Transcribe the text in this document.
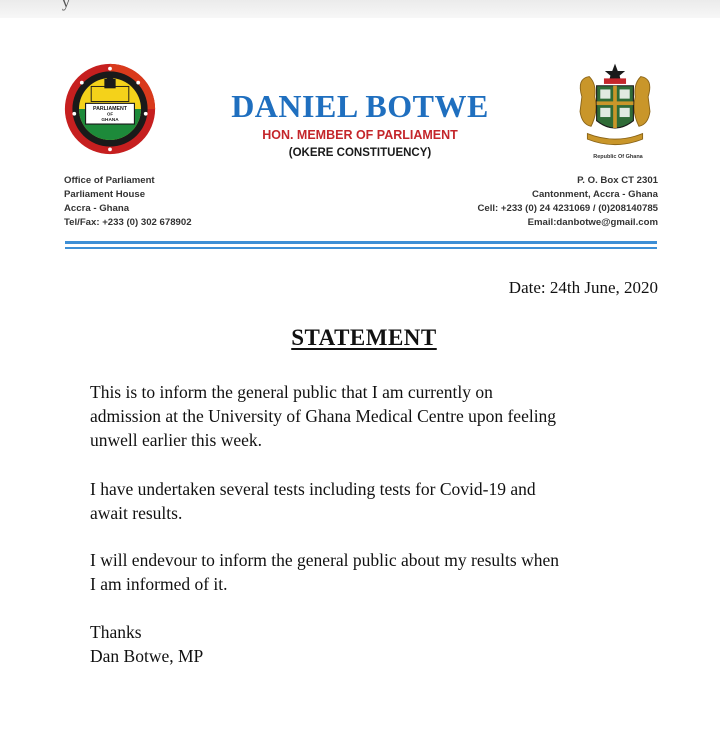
y
PARLIAMENT
OF
GHANA
Republic Of Ghana
DANIEL BOTWE
HON. MEMBER OF PARLIAMENT
(OKERE CONSTITUENCY)
Office of Parliament
Parliament House
Accra - Ghana
Tel/Fax: +233 (0) 302 678902
P. O. Box CT 2301
Cantonment, Accra - Ghana
Cell: +233 (0) 24 4231069 / (0)208140785
Email:danbotwe@gmail.com
Date: 24th June, 2020
STATEMENT
This is to inform the general public that I am currently on
admission at the University of Ghana Medical Centre upon feeling
unwell earlier this week.
I have undertaken several tests including tests for Covid-19 and
await results.
I will endevour to inform the general public about my results when
I am informed of it.
Thanks
Dan Botwe, MP
